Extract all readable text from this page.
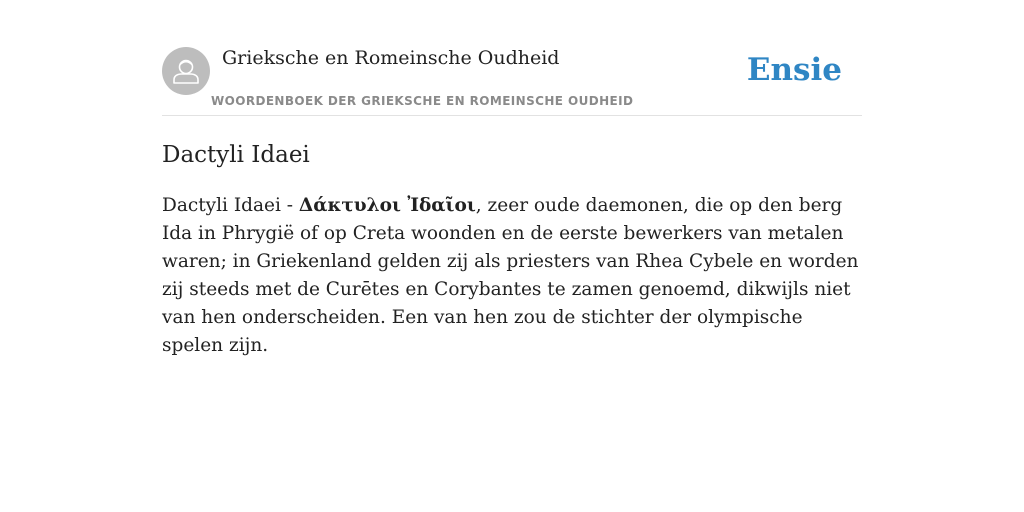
Grieksche en Romeinsche Oudheid
WOORDENBOEK DER GRIEKSCHE EN ROMEINSCHE OUDHEID
Ensie
Dactyli Idaei

Dactyli Idaei - Δάκτυλοι Ἰδαῖοι, zeer oude daemonen, die op den berg Ida in Phrygië of op Creta woonden en de eerste bewerkers van metalen waren; in Griekenland gelden zij als priesters van Rhea Cybele en worden zij steeds met de Curētes en Corybantes te zamen genoemd, dikwijls niet van hen onderscheiden. Een van hen zou de stichter der olympische spelen zijn.
